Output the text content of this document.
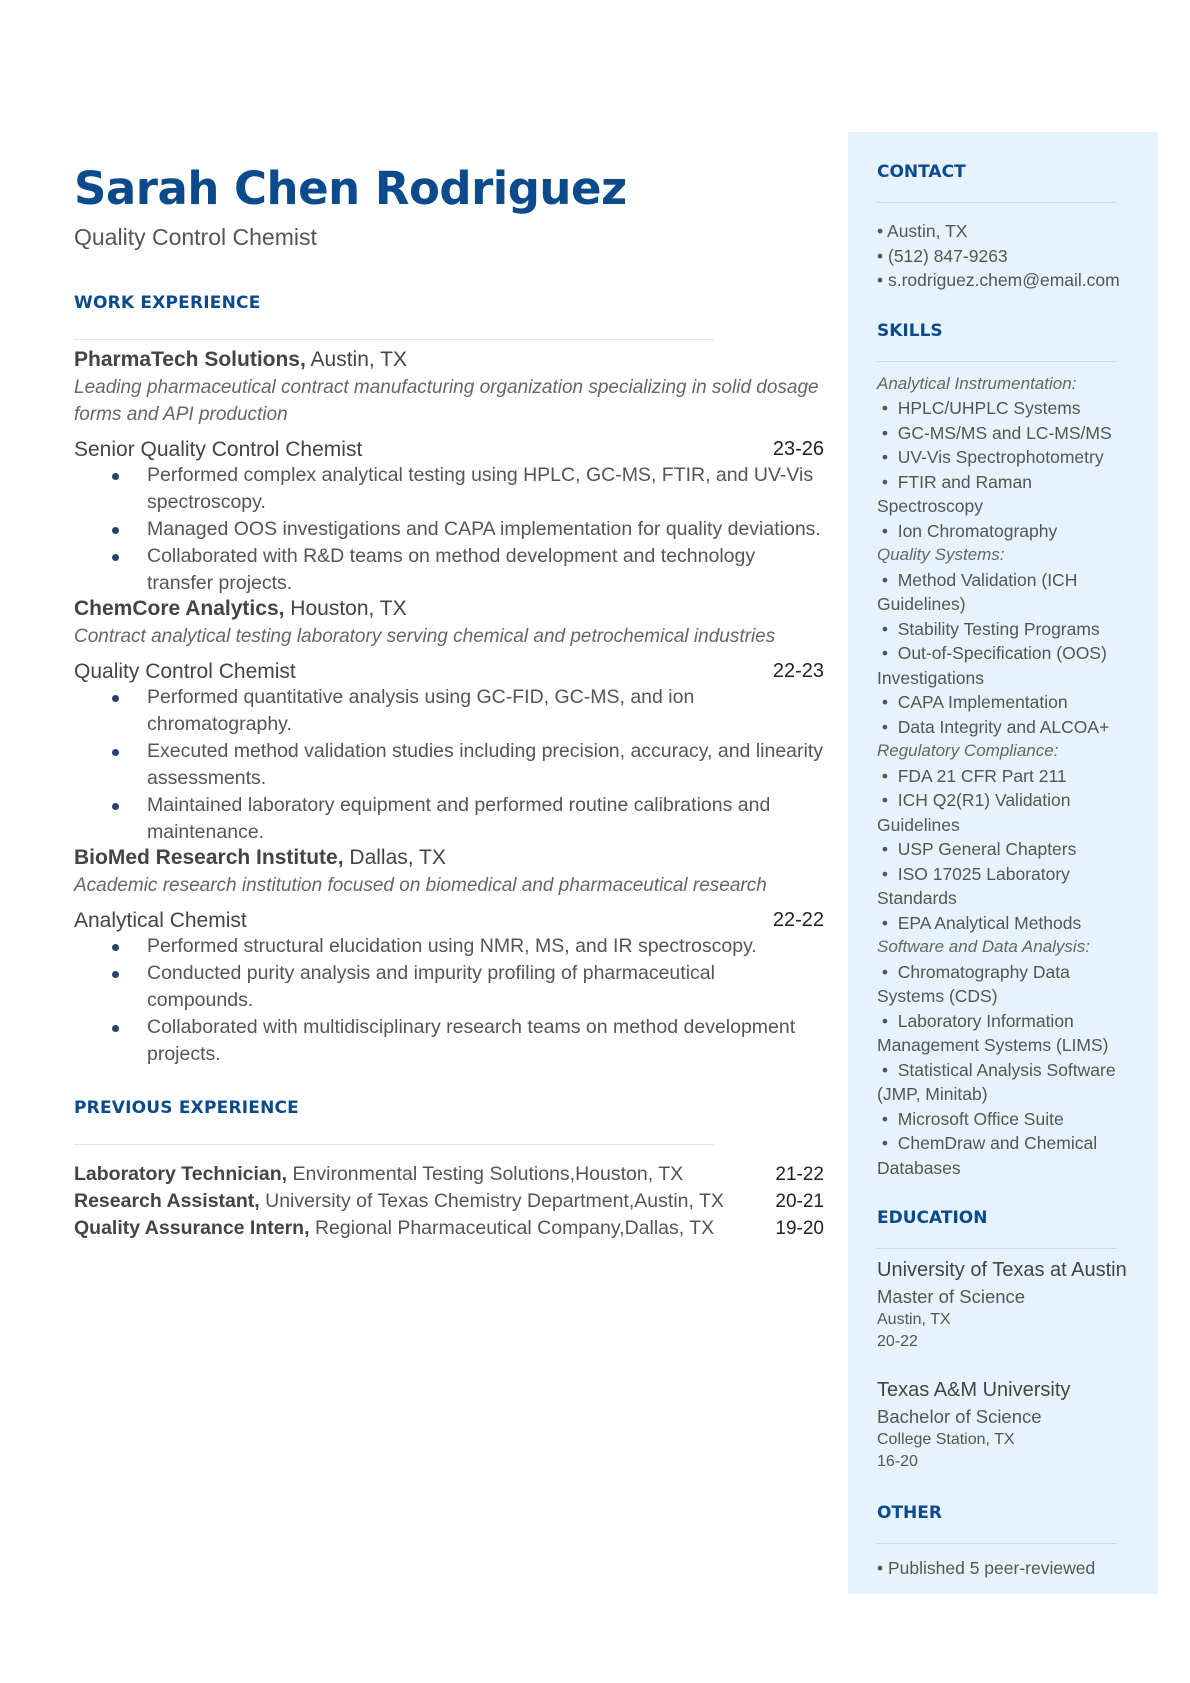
Sarah Chen Rodriguez
Quality Control Chemist
WORK EXPERIENCE
PharmaTech Solutions, Austin, TX
Leading pharmaceutical contract manufacturing organization specializing in solid dosage forms and API production
Senior Quality Control Chemist	23-26
Performed complex analytical testing using HPLC, GC-MS, FTIR, and UV-Vis spectroscopy.
Managed OOS investigations and CAPA implementation for quality deviations.
Collaborated with R&D teams on method development and technology transfer projects.
ChemCore Analytics, Houston, TX
Contract analytical testing laboratory serving chemical and petrochemical industries
Quality Control Chemist	22-23
Performed quantitative analysis using GC-FID, GC-MS, and ion chromatography.
Executed method validation studies including precision, accuracy, and linearity assessments.
Maintained laboratory equipment and performed routine calibrations and maintenance.
BioMed Research Institute, Dallas, TX
Academic research institution focused on biomedical and pharmaceutical research
Analytical Chemist	22-22
Performed structural elucidation using NMR, MS, and IR spectroscopy.
Conducted purity analysis and impurity profiling of pharmaceutical compounds.
Collaborated with multidisciplinary research teams on method development projects.
PREVIOUS EXPERIENCE
Laboratory Technician, Environmental Testing Solutions,Houston, TX	21-22
Research Assistant, University of Texas Chemistry Department,Austin, TX	20-21
Quality Assurance Intern, Regional Pharmaceutical Company,Dallas, TX	19-20
CONTACT
• Austin, TX
• (512) 847-9263
• s.rodriguez.chem@email.com
SKILLS
Analytical Instrumentation:
•  HPLC/UHPLC Systems
•  GC-MS/MS and LC-MS/MS
•  UV-Vis Spectrophotometry
•  FTIR and Raman
Spectroscopy
•  Ion Chromatography
Quality Systems:
•  Method Validation (ICH
Guidelines)
•  Stability Testing Programs
•  Out-of-Specification (OOS)
Investigations
•  CAPA Implementation
•  Data Integrity and ALCOA+
Regulatory Compliance:
•  FDA 21 CFR Part 211
•  ICH Q2(R1) Validation
Guidelines
•  USP General Chapters
•  ISO 17025 Laboratory
Standards
•  EPA Analytical Methods
Software and Data Analysis:
•  Chromatography Data
Systems (CDS)
•  Laboratory Information
Management Systems (LIMS)
•  Statistical Analysis Software
(JMP, Minitab)
•  Microsoft Office Suite
•  ChemDraw and Chemical
Databases
EDUCATION
University of Texas at Austin
Master of Science
Austin, TX
20-22
Texas A&M University
Bachelor of Science
College Station, TX
16-20
OTHER
• Published 5 peer-reviewed
